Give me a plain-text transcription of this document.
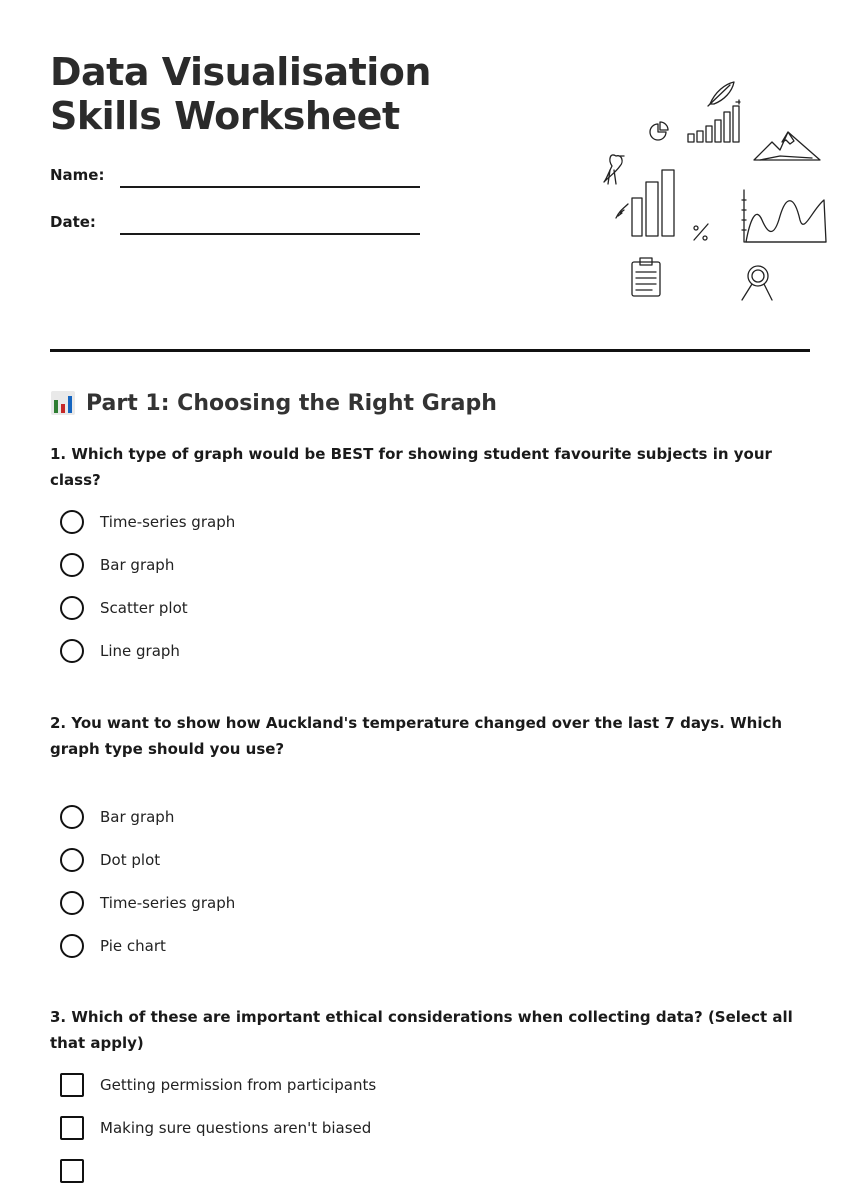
Data Visualisation Skills Worksheet
Name:
Date:
Part 1: Choosing the Right Graph

1. Which type of graph would be BEST for showing student favourite subjects in your class?

Time-series graph
Bar graph
Scatter plot
Line graph

2. You want to show how Auckland's temperature changed over the last 7 days. Which graph type should you use?

Bar graph
Dot plot
Time-series graph
Pie chart

3. Which of these are important ethical considerations when collecting data? (Select all that apply)

Getting permission from participants
Making sure questions aren't biased
